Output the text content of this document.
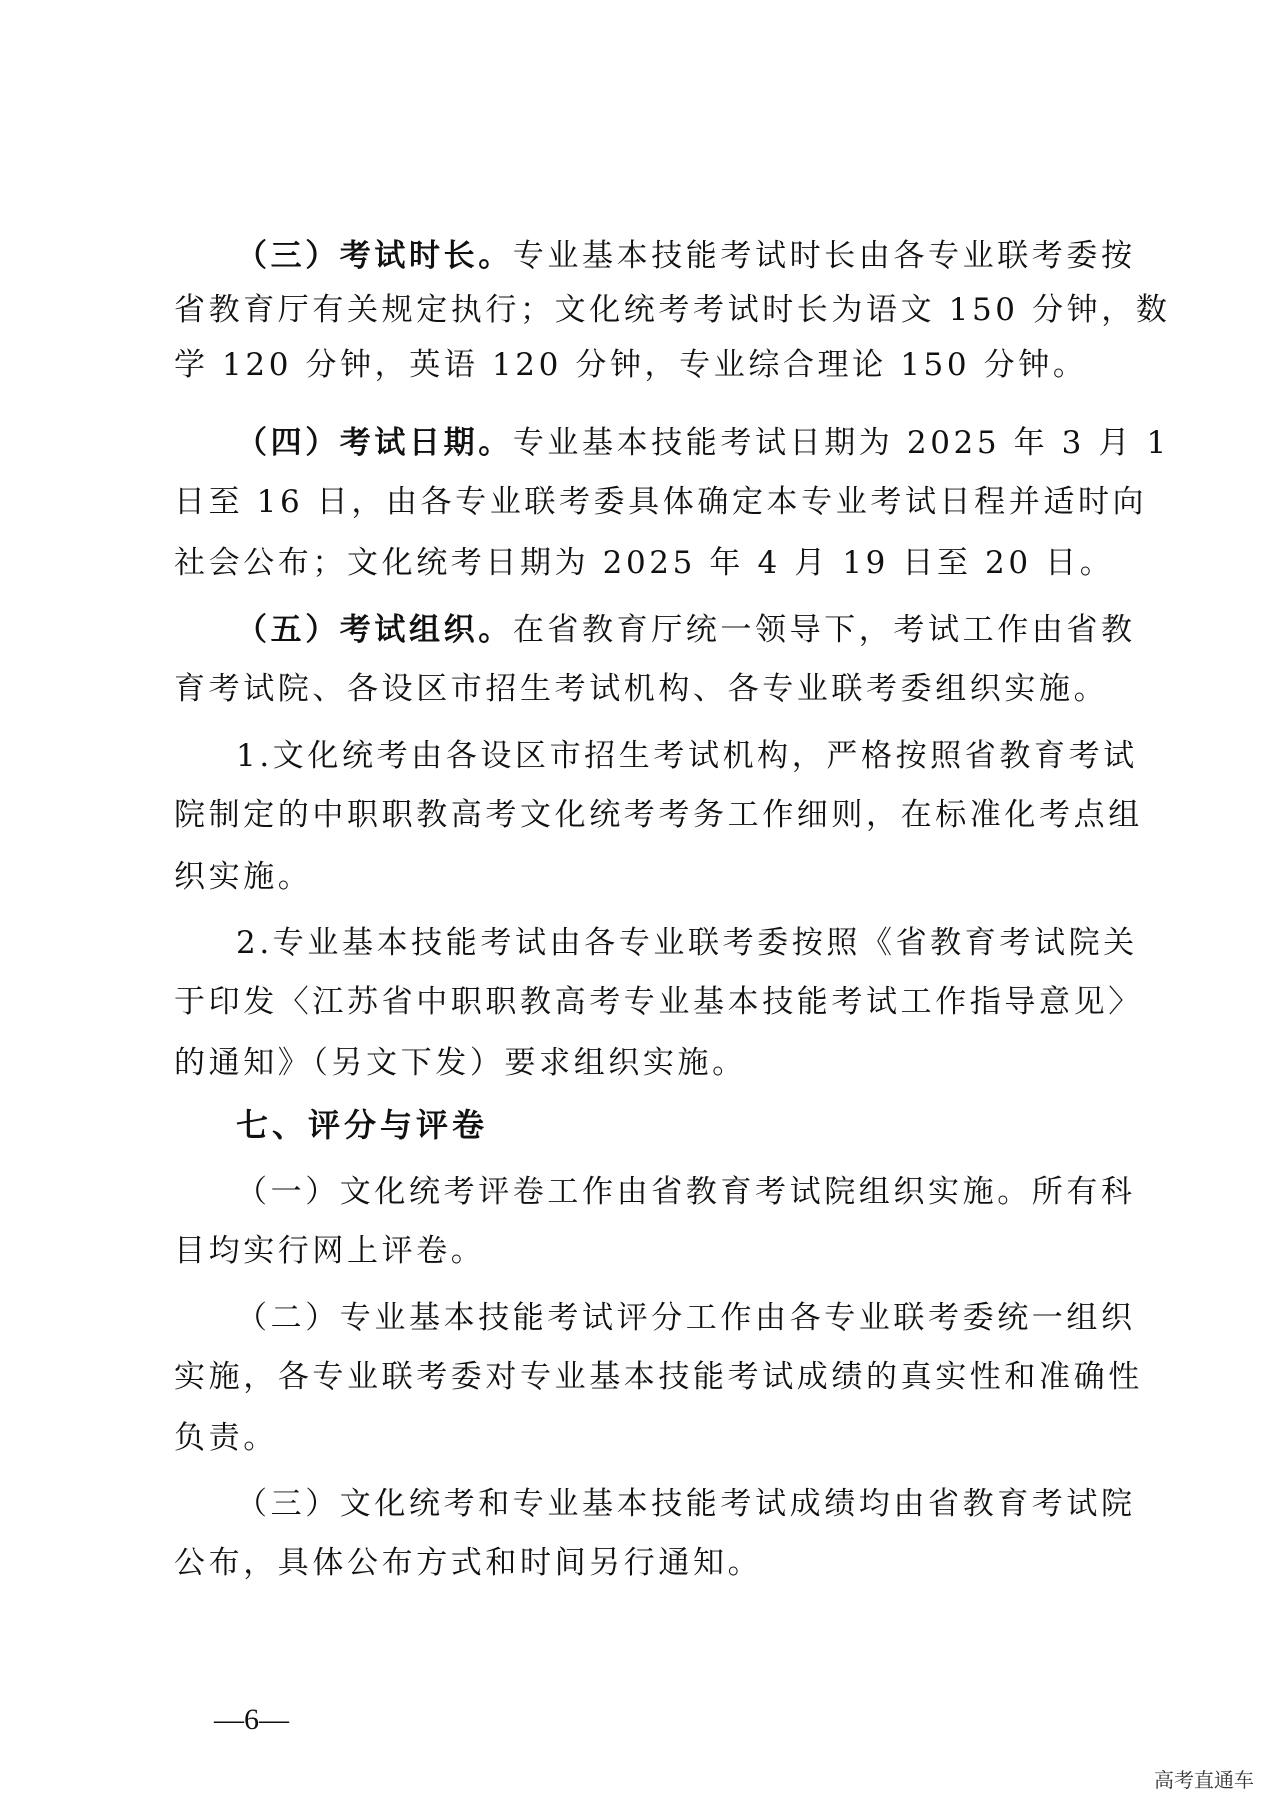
（三）考试时长。专业基本技能考试时长由各专业联考委按
省教育厅有关规定执行；文化统考考试时长为语文 150 分钟，数
学 120 分钟，英语 120 分钟，专业综合理论 150 分钟。
（四）考试日期。专业基本技能考试日期为 2025 年 3 月 1
日至 16 日，由各专业联考委具体确定本专业考试日程并适时向
社会公布；文化统考日期为 2025 年 4 月 19 日至 20 日。
（五）考试组织。在省教育厅统一领导下，考试工作由省教
育考试院、各设区市招生考试机构、各专业联考委组织实施。
1.文化统考由各设区市招生考试机构，严格按照省教育考试
院制定的中职职教高考文化统考考务工作细则，在标准化考点组
织实施。
2.专业基本技能考试由各专业联考委按照《省教育考试院关
于印发〈江苏省中职职教高考专业基本技能考试工作指导意见〉
的通知》（另文下发）要求组织实施。
七、评分与评卷
（一）文化统考评卷工作由省教育考试院组织实施。所有科
目均实行网上评卷。
（二）专业基本技能考试评分工作由各专业联考委统一组织
实施，各专业联考委对专业基本技能考试成绩的真实性和准确性
负责。
（三）文化统考和专业基本技能考试成绩均由省教育考试院
公布，具体公布方式和时间另行通知。
—6—
高考直通车
